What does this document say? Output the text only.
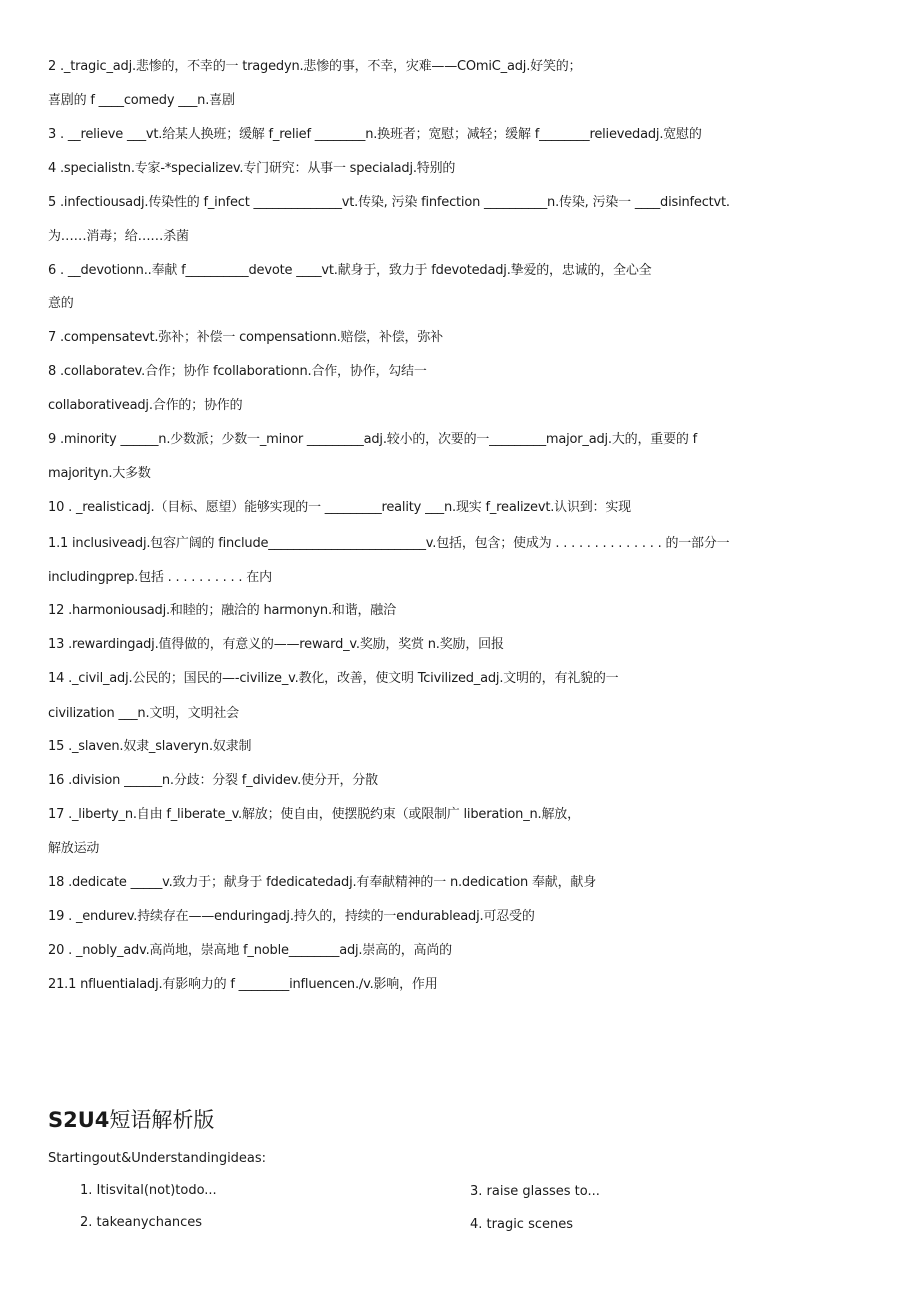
2 ._tragic_adj.悲惨的，不幸的一 tragedyn.悲惨的事，不幸，灾难——COmiC_adj.好笑的；
喜剧的 f ____comedy ___n.喜剧
3 . __relieve ___vt.给某人换班；缓解 f_relief ________n.换班者；宽慰；减轻；缓解 f________relievedadj.宽慰的
4 .specialistn.专家-*specializev.专门研究：从事一 specialadj.特别的
5 .infectiousadj.传染性的 f_infect ______________vt.传染, 污染 finfection __________n.传染, 污染一 ____disinfectvt.
为……消毒；给……杀菌
6 . __devotionn..奉献 f__________devote ____vt.献身于，致力于 fdevotedadj.挚爱的，忠诚的，全心全
意的
7 .compensatevt.弥补；补偿一 compensationn.赔偿，补偿，弥补
8 .collaboratev.合作；协作 fcollaborationn.合作，协作，勾结一
collaborativeadj.合作的；协作的
9 .minority ______n.少数派；少数一_minor _________adj.较小的，次要的一_________major_adj.大的，重要的 f
majorityn.大多数
10 . _realisticadj.（目标、愿望）能够实现的一 _________reality ___n.现实 f_realizevt.认识到：实现
1.1 inclusiveadj.包容广阔的 finclude_________________________v.包括，包含；使成为 . . . . . . . . . . . . . . 的一部分一
includingprep.包括 . . . . . . . . . . 在内
12 .harmoniousadj.和睦的；融洽的 harmonyn.和谐，融洽
13 .rewardingadj.值得做的，有意义的——reward_v.奖励，奖赏 n.奖励，回报
14 ._civil_adj.公民的；国民的—-civilize_v.教化，改善，使文明 Tcivilized_adj.文明的，有礼貌的一
civilization ___n.文明，文明社会
15 ._slaven.奴隶_slaveryn.奴隶制
16 .division ______n.分歧：分裂 f_dividev.使分开，分散
17 ._liberty_n.自由 f_liberate_v.解放；使自由，使摆脱约束（或限制广 liberation_n.解放，
解放运动
18 .dedicate _____v.致力于；献身于 fdedicatedadj.有奉献精神的一 n.dedication 奉献，献身
19 . _endurev.持续存在——enduringadj.持久的，持续的一endurableadj.可忍受的
20 . _nobly_adv.高尚地，崇高地 f_noble________adj.崇高的，高尚的
21.1 nfluentialadj.有影响力的 f ________influencen.∕v.影响，作用
S2U4短语解析版
Startingout&Understandingideas:
1. Itisvital(not)todo...
2. takeanychances
3. raise glasses to...
4. tragic scenes
